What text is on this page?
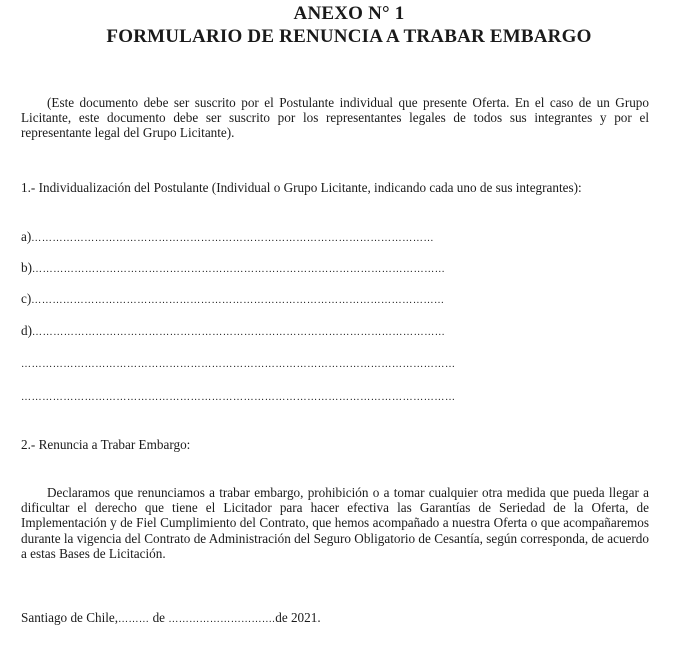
ANEXO N° 1
FORMULARIO DE RENUNCIA A TRABAR EMBARGO
(Este documento debe ser suscrito por el Postulante individual que presente Oferta. En el caso de un Grupo Licitante, este documento debe ser suscrito por los representantes legales de todos sus integrantes y por el representante legal del Grupo Licitante).
1.- Individualización del Postulante (Individual o Grupo Licitante, indicando cada uno de sus integrantes):
a)……………………………………………………………………………………………………
b)………………………………………………………………………………………………………
c)………………………………………………………………………………………………………
d)………………………………………………………………………………………………………
……………………………………………………………………………………………………………
……………………………………………………………………………………………………………
2.- Renuncia a Trabar Embargo:
Declaramos que renunciamos a trabar embargo, prohibición o a tomar cualquier otra medida que pueda llegar a dificultar el derecho que tiene el Licitador para hacer efectiva las Garantías de Seriedad de la Oferta, de Implementación y de Fiel Cumplimiento del Contrato, que hemos acompañado a nuestra Oferta o que acompañaremos durante la vigencia del Contrato de Administración del Seguro Obligatorio de Cesantía, según corresponda, de acuerdo a estas Bases de Licitación.
Santiago de Chile,……… de ………………………….de 2021.
